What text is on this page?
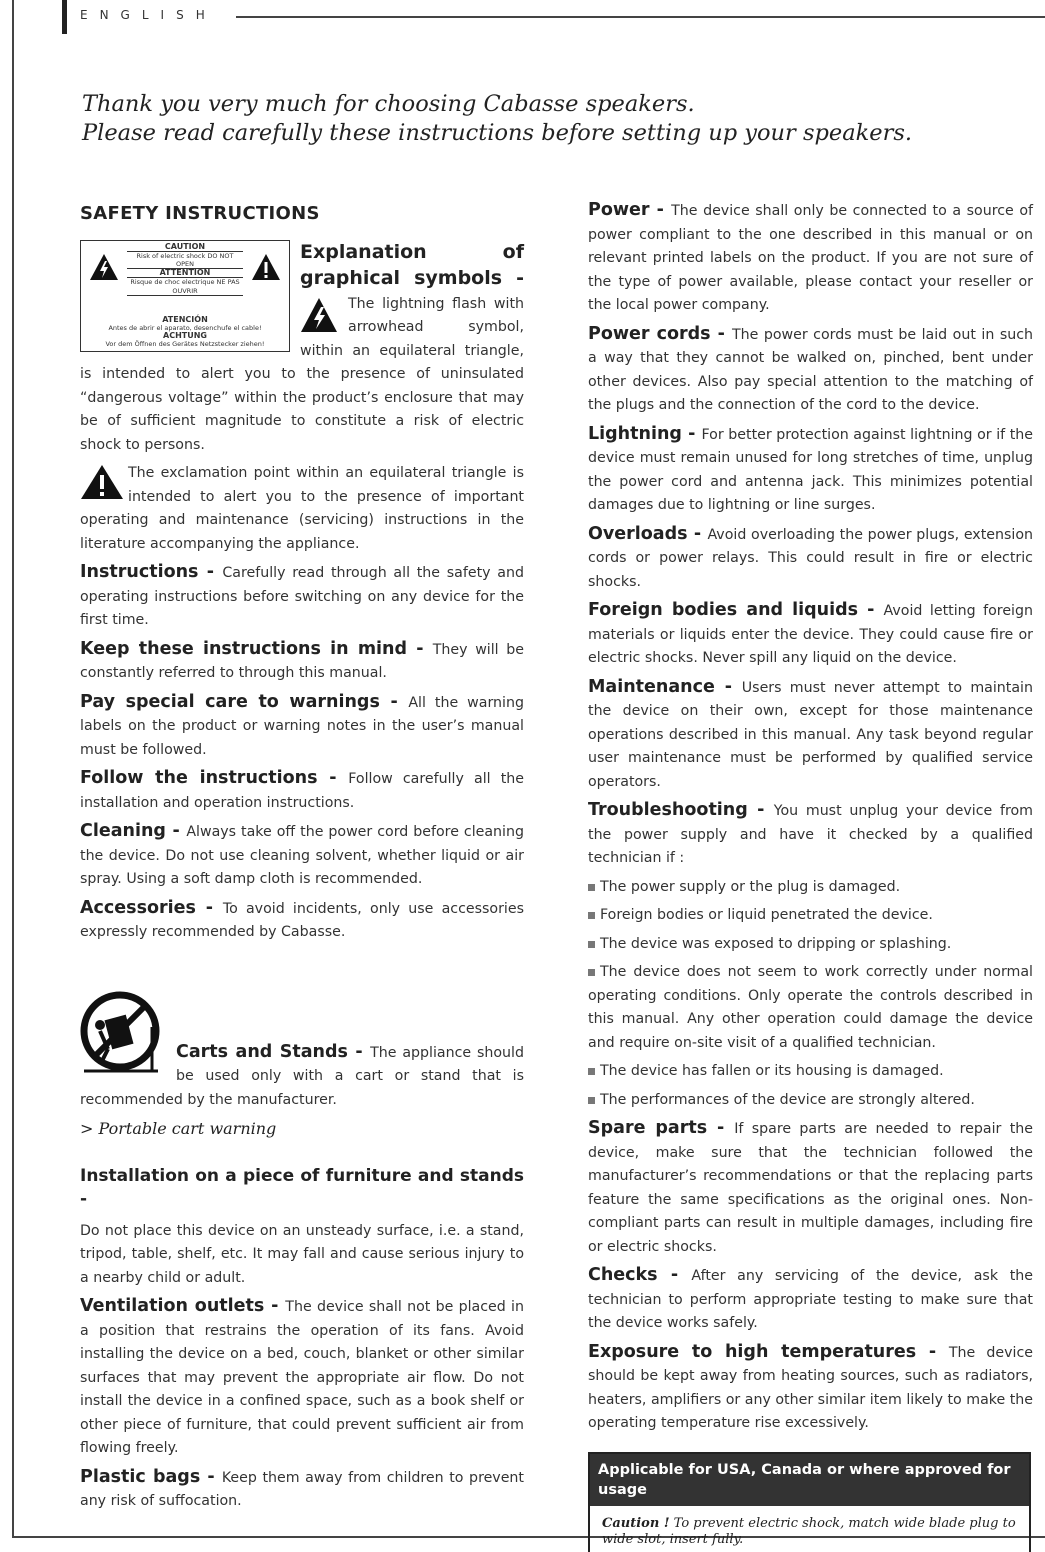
ENGLISH
Thank you very much for choosing Cabasse speakers.
Please read carefully these instructions before setting up your speakers.
SAFETY INSTRUCTIONS
CAUTION
Risk of electric shock DO NOT OPEN
ATTENTION
Risque de choc electrique NE PAS OUVRIR
ATENCIÓN
Antes de abrir el aparato, desenchufe el cable!
ACHTUNG
Vor dem Öffnen des Gerätes Netzstecker ziehen!

Explanation of graphical symbols -
The lightning flash with arrowhead symbol, within an equilateral triangle, is intended to alert you to the presence of uninsulated “dangerous voltage” within the product’s enclosure that may be of sufficient magnitude to constitute a risk of electric shock to persons.

The exclamation point within an equilateral triangle is intended to alert you to the presence of important operating and maintenance (servicing) instructions in the literature accompanying the appliance.

Instructions - Carefully read through all the safety and operating instructions before switching on any device for the first time.

Keep these instructions in mind - They will be constantly referred to through this manual.

Pay special care to warnings - All the warning labels on the product or warning notes in the user’s manual must be followed.

Follow the instructions - Follow carefully all the installation and operation instructions.

Cleaning - Always take off the power cord before cleaning the device. Do not use cleaning solvent, whether liquid or air spray. Using a soft damp cloth is recommended.

Accessories - To avoid incidents, only use accessories expressly recommended by Cabasse.

Carts and Stands - The appliance should be used only with a cart or stand that is recommended by the manufacturer.

> Portable cart warning
Installation on a piece of furniture and stands -

Do not place this device on an unsteady surface, i.e. a stand, tripod, table, shelf, etc. It may fall and cause serious injury to a nearby child or adult.

Ventilation outlets - The device shall not be placed in a position that restrains the operation of its fans. Avoid installing the device on a bed, couch, blanket or other similar surfaces that may prevent the appropriate air flow. Do not install the device in a confined space, such as a book shelf or other piece of furniture, that could prevent sufficient air from flowing freely.

Plastic bags - Keep them away from children to prevent any risk of suffocation.

Power - The device shall only be connected to a source of power compliant to the one described in this manual or on relevant printed labels on the product. If you are not sure of the type of power available, please contact your reseller or the local power company.

Power cords - The power cords must be laid out in such a way that they cannot be walked on, pinched, bent under other devices. Also pay special attention to the matching of the plugs and the connection of the cord to the device.

Lightning - For better protection against lightning or if the device must remain unused for long stretches of time, unplug the power cord and antenna jack. This minimizes potential damages due to lightning or line surges.

Overloads - Avoid overloading the power plugs, extension cords or power relays. This could result in fire or electric shocks.

Foreign bodies and liquids - Avoid letting foreign materials or liquids enter the device. They could cause fire or electric shocks. Never spill any liquid on the device.

Maintenance - Users must never attempt to maintain the device on their own, except for those maintenance operations described in this manual. Any task beyond regular user maintenance must be performed by qualified service operators.

Troubleshooting - You must unplug your device from the power supply and have it checked by a qualified technician if :

The power supply or the plug is damaged.
Foreign bodies or liquid penetrated the device.
The device was exposed to dripping or splashing.
The device does not seem to work correctly under normal operating conditions. Only operate the controls described in this manual. Any other operation could damage the device and require on-site visit of a qualified technician.
The device has fallen or its housing is damaged.
The performances of the device are strongly altered.

Spare parts - If spare parts are needed to repair the device, make sure that the technician followed the manufacturer’s recommendations or that the replacing parts feature the same specifications as the original ones. Non-compliant parts can result in multiple damages, including fire or electric shocks.

Checks - After any servicing of the device, ask the technician to perform appropriate testing to make sure that the device works safely.

Exposure to high temperatures - The device should be kept away from heating sources, such as radiators, heaters, amplifiers or any other similar item likely to make the operating temperature rise excessively.

Applicable for USA, Canada or where approved for usage
Caution ! To prevent electric shock, match wide blade plug to wide slot, insert fully.
